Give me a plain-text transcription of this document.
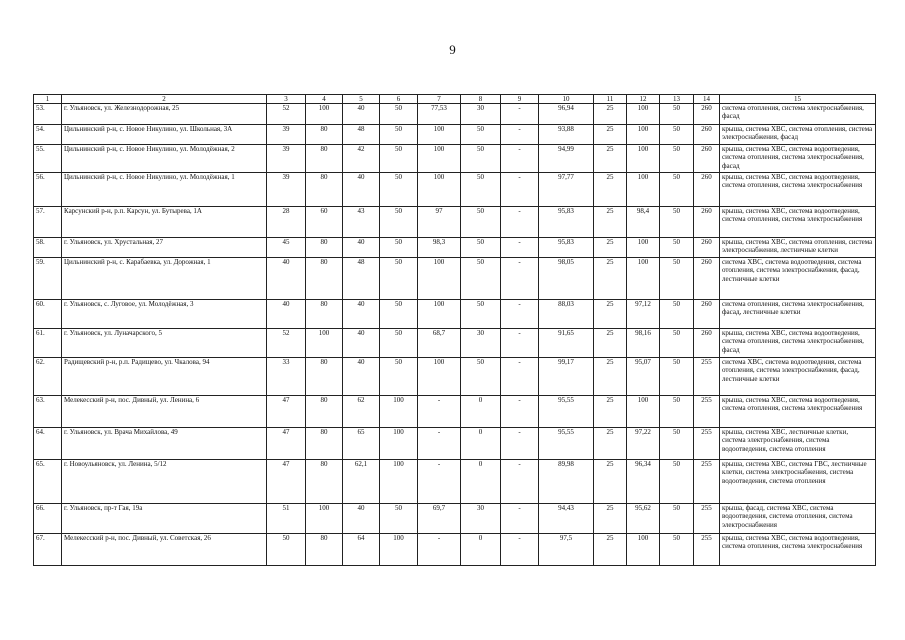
9
1	2	3	4	5	6	7	8	9	10	11	12	13	14	15
53.	г. Ульяновск, ул. Железнодорожная, 25	52	100	40	50	77,53	30	-	96,94	25	100	50	260	система отопления, система электроснабжения, фасад
54.	Цильнинский р-н, с. Новое Никулино, ул. Школьная, 3А	39	80	48	50	100	50	-	93,88	25	100	50	260	крыша, система ХВС, система отопления, система электроснабжения, фасад
55.	Цильнинский р-н, с. Новое Никулино, ул. Молодёжная, 2	39	80	42	50	100	50	-	94,99	25	100	50	260	крыша, система ХВС, система водоотведения, система отопления, система электроснабжения, фасад
56.	Цильнинский р-н, с. Новое Никулино, ул. Молодёжная, 1	39	80	40	50	100	50	-	97,77	25	100	50	260	крыша, система ХВС, система водоотведения, система отопления, система электроснабжения
57.	Карсунский р-н, р.п. Карсун, ул. Бутырева, 1А	28	60	43	50	97	50	-	95,83	25	98,4	50	260	крыша, система ХВС, система водоотведения, система отопления, система электроснабжения
58.	г. Ульяновск, ул. Хрустальная, 27	45	80	40	50	98,3	50	-	95,83	25	100	50	260	крыша, система ХВС, система отопления, система электроснабжения, лестничные клетки
59.	Цильнинский р-н, с. Карабаевка, ул. Дорожная, 1	40	80	48	50	100	50	-	98,05	25	100	50	260	система ХВС, система водоотведения, система отопления, система электроснабжения, фасад, лестничные клетки
60.	г. Ульяновск, с. Луговое, ул. Молодёжная, 3	40	80	40	50	100	50	-	88,03	25	97,12	50	260	система отопления, система электроснабжения, фасад, лестничные клетки
61.	г. Ульяновск, ул. Луначарского, 5	52	100	40	50	68,7	30	-	91,65	25	98,16	50	260	крыша, система ХВС, система водоотведения, система отопления, система электроснабжения, фасад
62.	Радищевский р-н, р.п. Радищево, ул. Чкалова, 94	33	80	40	50	100	50	-	99,17	25	95,07	50	255	система ХВС, система водоотведения, система отопления, система электроснабжения, фасад, лестничные клетки
63.	Мелекесский р-н, пос. Дивный, ул. Ленина, 6	47	80	62	100	-	0	-	95,55	25	100	50	255	крыша, система ХВС, система водоотведения, система отопления, система электроснабжения
64.	г. Ульяновск, ул. Врача Михайлова, 49	47	80	65	100	-	0	-	95,55	25	97,22	50	255	крыша, система ХВС, лестничные клетки, система электроснабжения, система водоотведения, система отопления
65.	г. Новоульяновск, ул. Ленина, 5/12	47	80	62,1	100	-	0	-	89,98	25	96,34	50	255	крыша, система ХВС, система ГВС, лестничные клетки, система электроснабжения, система водоотведения, система отопления
66.	г. Ульяновск, пр-т Гая, 19а	51	100	40	50	69,7	30	-	94,43	25	95,62	50	255	крыша, фасад, система ХВС, система водоотведения, система отопления, система электроснабжения
67.	Мелекесский р-н, пос. Дивный, ул. Советская, 26	50	80	64	100	-	0	-	97,5	25	100	50	255	крыша, система ХВС, система водоотведения, система отопления, система электроснабжения
